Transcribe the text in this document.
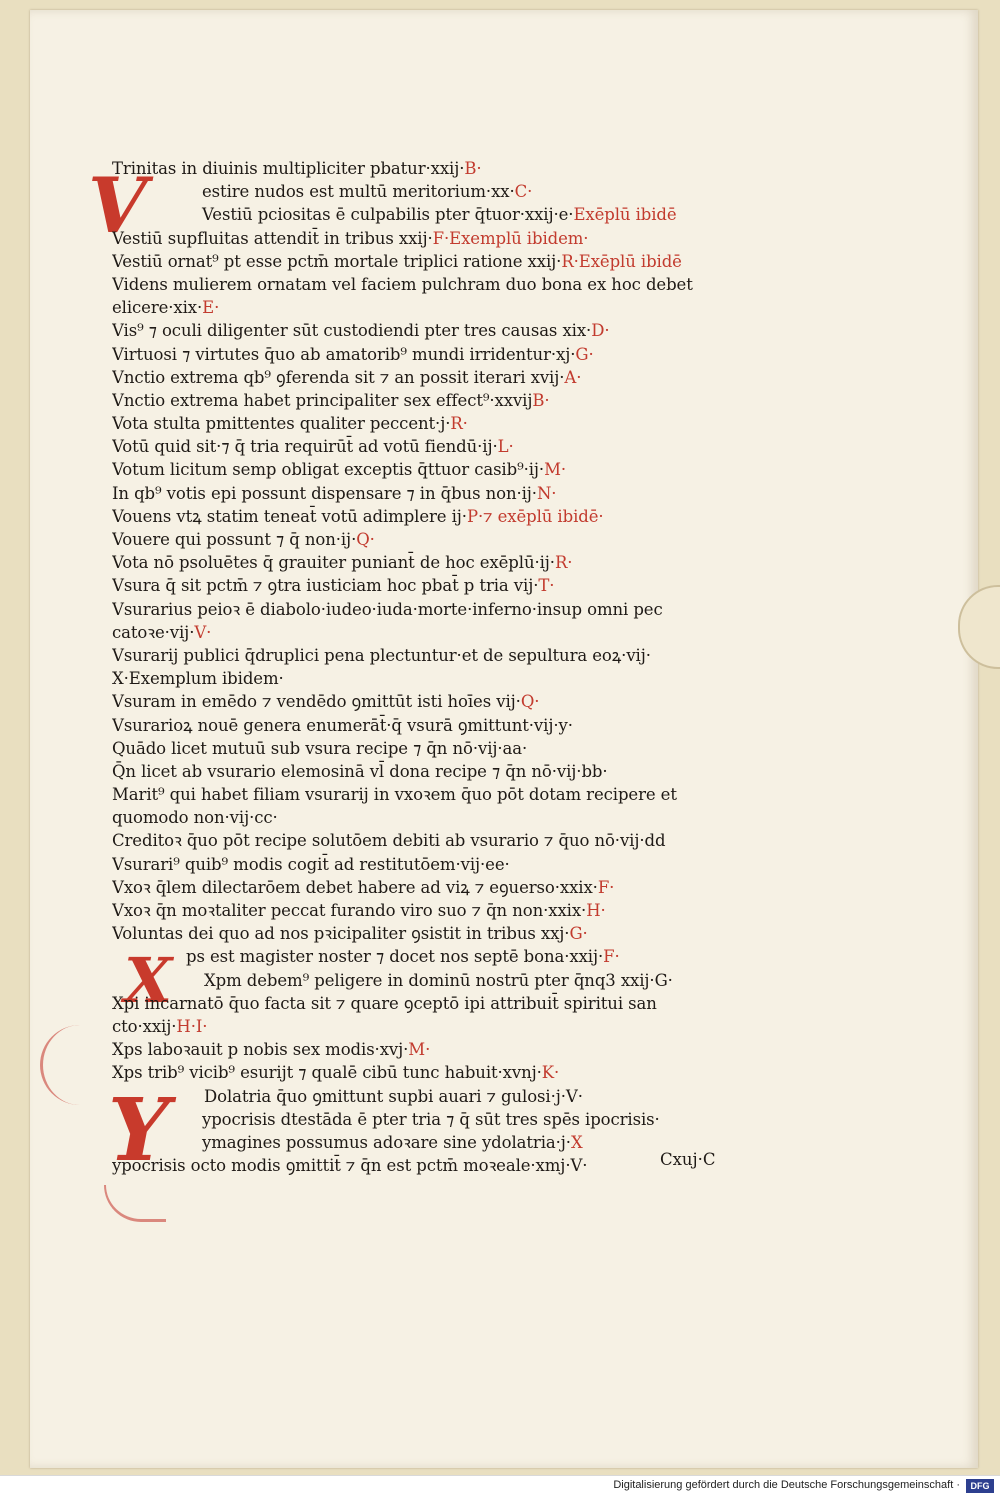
V
X
Y
Trinitas in diuinis multipliciter pbatur·xxij·B·
estire nudos est multū meritorium·xx·C·
Vestiū pciositas ē culpabilis pter q̄tuor·xxij·e·Exēplū ibidē
Vestiū supfluitas attendit̄ in tribus xxij·F·Exemplū ibidem·
Vestiū ornat⁹ pt esse pctm̄ mortale triplici ratione xxij·R·Exēplū ibidē
Videns mulierem ornatam vel faciem pulchram duo bona ex hoc debet
elicere·xix·E·
Vis⁹ ⁊ oculi diligenter sūt custodiendi pter tres causas xix·D·
Virtuosi ⁊ virtutes q̄uo ab amatorib⁹ mundi irridentur·xj·G·
Vnctio extrema qb⁹ ꝯferenda sit ⁊ an possit iterari xvij·A·
Vnctio extrema habet principaliter sex effect⁹·xxvijB·
Vota stulta pmittentes qualiter peccent·j·R·
Votū quid sit·⁊ q̄ tria requirūt̄ ad votū fiendū·ij·L·
Votum licitum semp obligat exceptis q̄ttuor casib⁹·ij·M·
In qb⁹ votis epi possunt dispensare ⁊ in q̄bus non·ij·N·
Vouens vtꝝ statim teneat̄ votū adimplere ij·P·⁊ exēplū ibidē·
Vouere qui possunt ⁊ q̄ non·ij·Q·
Vota nō psoluētes q̄ grauiter puniant̄ de hoc exēplū·ij·R·
Vsura q̄ sit pctm̄ ⁊ ꝯtra iusticiam hoc pbat̄ p tria vij·T·
Vsurarius peioꝛ ē diabolo·iudeo·iuda·morte·inferno·insup omni pec
catoꝛe·vij·V·
Vsurarij publici q̄druplici pena plectuntur·et de sepultura eoꝝ·vij·
X·Exemplum ibidem·
Vsuram in emēdo ⁊ vendēdo ꝯmittūt isti hoīes vij·Q·
Vsurarioꝝ nouē genera enumerāt̄·q̄ vsurā ꝯmittunt·vij·y·
Quādo licet mutuū sub vsura recipe ⁊ q̄n nō·vij·aa·
Q̄n licet ab vsurario elemosinā vl̄ dona recipe ⁊ q̄n nō·vij·bb·
Marit⁹ qui habet filiam vsurarij in vxoꝛem q̄uo pōt dotam recipere et
quomodo non·vij·cc·
Creditoꝛ q̄uo pōt recipe solutōem debiti ab vsurario ⁊ q̄uo nō·vij·dd
Vsurari⁹ quib⁹ modis cogit̄ ad restitutōem·vij·ee·
Vxoꝛ q̄lem dilectarōem debet habere ad viꝝ ⁊ eꝯuerso·xxix·F·
Vxoꝛ q̄n moꝛtaliter peccat furando viro suo ⁊ q̄n non·xxix·H·
Voluntas dei quo ad nos pꝛicipaliter ꝯsistit in tribus xxj·G·
ps est magister noster ⁊ docet nos septē bona·xxij·F·
Xpm debem⁹ peligere in dominū nostrū pter q̄nq3 xxij·G·
Xpi incarnatō q̄uo facta sit ⁊ quare ꝯceptō ipi attribuit̄ spiritui san
cto·xxij·H·I·
Xps laboꝛauit p nobis sex modis·xvj·M·
Xps trib⁹ vicib⁹ esurijt ⁊ qualē cibū tunc habuit·xvnj·K·
Dolatria q̄uo ꝯmittunt supbi auari ⁊ gulosi·j·V·
ypocrisis dtestāda ē pter tria ⁊ q̄ sūt tres spēs ipocrisis·
ymagines possumus adoꝛare sine ydolatria·j·X
ypocrisis octo modis ꝯmittit̄ ⁊ q̄n est pctm̄ moꝛeale·xmj·V·	Cxuj·C
Digitalisierung gefördert durch die Deutsche Forschungsgemeinschaft ·	DFG
